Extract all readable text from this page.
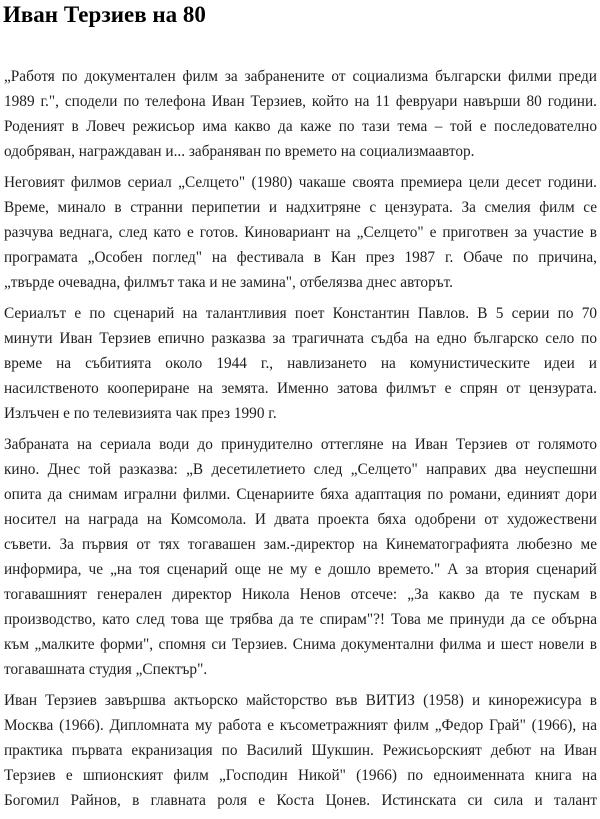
Иван Терзиев на 80

„Работя по документален филм за забранените от социализма български филми преди
1989 г.", сподели по телефона Иван Терзиев, който на 11 февруари навърши 80 години.
Роденият в Ловеч режисьор има какво да каже по тази тема – той е последователно
одобряван, награждаван и... забраняван по времето на социализмаавтор.

Неговият филмов сериал „Селцето" (1980) чакаше своята премиера цели десет години.
Време, минало в странни перипетии и надхитряне с цензурата. За смелия филм се
разчува веднага, след като е готов. Киновариант на „Селцето" е приготвен за участие в
програмата „Особен поглед" на фестивала в Кан през 1987 г. Обаче по причина,
„твърде очевадна, филмът така и не замина", отбелязва днес авторът.

Сериалът е по сценарий на талантливия поет Константин Павлов. В 5 серии по 70
минути Иван Терзиев епично разказва за трагичната съдба на едно българско село по
време на събитията около 1944 г., навлизането на комунистическите идеи и
насилственото коопериране на земята. Именно затова филмът е спрян от цензурата.
Излъчен е по телевизията чак през 1990 г.

Забраната на сериала води до принудително оттегляне на Иван Терзиев от голямото
кино. Днес той разказва: „В десетилетието след „Селцето" направих два неуспешни
опита да снимам игрални филми. Сценариите бяха адаптация по романи, единият дори
носител на награда на Комсомола. И двата проекта бяха одобрени от художествени
съвети. За първия от тях тогавашен зам.-директор на Кинематографията любезно ме
информира, че „на тоя сценарий още не му е дошло времето." А за втория сценарий
тогавашният генерален директор Никола Ненов отсече: „За какво да те пускам в
производство, като след това ще трябва да те спирам"?! Това ме принуди да се обърна
към „малките форми", спомня си Терзиев. Снима документални филма и шест новели в
тогавашната студия „Спектър".

Иван Терзиев завършва актьорско майсторство във ВИТИЗ (1958) и кинорежисура в
Москва (1966). Дипломната му работа е късометражният филм „Федор Грай" (1966), на
практика първата екранизация по Василий Шукшин. Режисьорският дебют на Иван
Терзиев е шпионският филм „Господин Никой" (1966) по едноименната книга на
Богомил Райнов, в главната роля е Коста Цонев. Истинската си сила и талант
